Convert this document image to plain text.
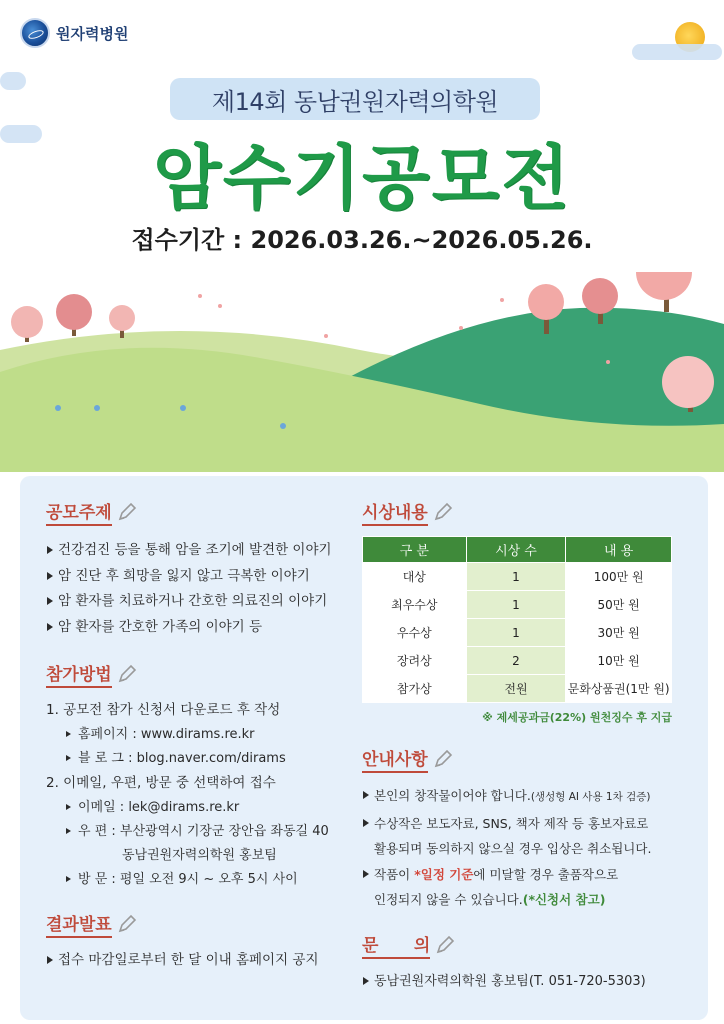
원자력병원
제14회 동남권원자력의학원
암수기공모전
접수기간 : 2026.03.26.~2026.05.26.
공모주제
건강검진 등을 통해 암을 조기에 발견한 이야기
암 진단 후 희망을 잃지 않고 극복한 이야기
암 환자를 치료하거나 간호한 의료진의 이야기
암 환자를 간호한 가족의 이야기 등
참가방법
1. 공모전 참가 신청서 다운로드 후 작성
홈페이지 : www.dirams.re.kr
블 로 그 : blog.naver.com/dirams
2. 이메일, 우편, 방문 중 선택하여 접수
이메일 : lek@dirams.re.kr
우 편 : 부산광역시 기장군 장안읍 좌동길 40
동남권원자력의학원 홍보팀
방 문 : 평일 오전 9시 ~ 오후 5시 사이
결과발표
접수 마감일로부터 한 달 이내 홈페이지 공지
시상내용
구 분	시상 수	내 용
대상	1	100만 원
최우수상	1	50만 원
우수상	1	30만 원
장려상	2	10만 원
참가상	전원	문화상품권(1만 원)
※ 제세공과금(22%) 원천징수 후 지급
안내사항
본인의 창작물이어야 합니다.(생성형 AI 사용 1차 검증)
수상작은 보도자료, SNS, 책자 제작 등 홍보자료로
활용되며 동의하지 않으실 경우 입상은 취소됩니다.
작품이 *일정 기준에 미달할 경우 출품작으로
인정되지 않을 수 있습니다.(*신청서 참고)
문      의
동남권원자력의학원 홍보팀(T. 051-720-5303)
